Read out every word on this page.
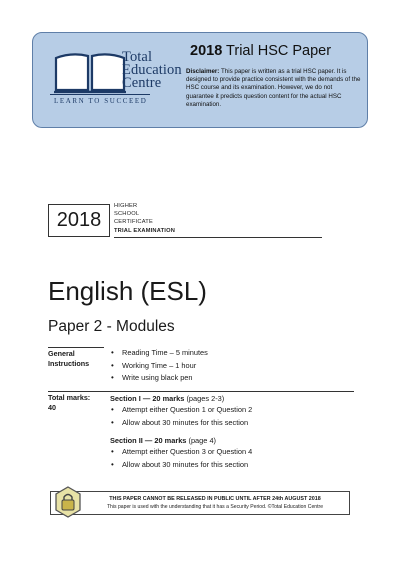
Total
Education
Centre
LEARN TO SUCCEED
2018 Trial HSC Paper
Disclaimer: This paper is written as a trial HSC paper. It is designed to provide practice consistent with the demands of the HSC course and its examination. However, we do not guarantee it predicts question content for the actual HSC examination.
2018
HIGHER
SCHOOL
CERTIFICATE
TRIAL EXAMINATION
English (ESL)
Paper 2 - Modules
General
Instructions
• Reading Time – 5 minutes
• Working Time – 1 hour
• Write using black pen
Total marks:
40
Section I — 20 marks (pages 2-3)
• Attempt either Question 1 or Question 2
• Allow about 30 minutes for this section
Section II — 20 marks (page 4)
• Attempt either Question 3 or Question 4
• Allow about 30 minutes for this section
THIS PAPER CANNOT BE RELEASED IN PUBLIC UNTIL AFTER 24th AUGUST 2018
This paper is used with the understanding that it has a Security Period. ©Total Education Centre
